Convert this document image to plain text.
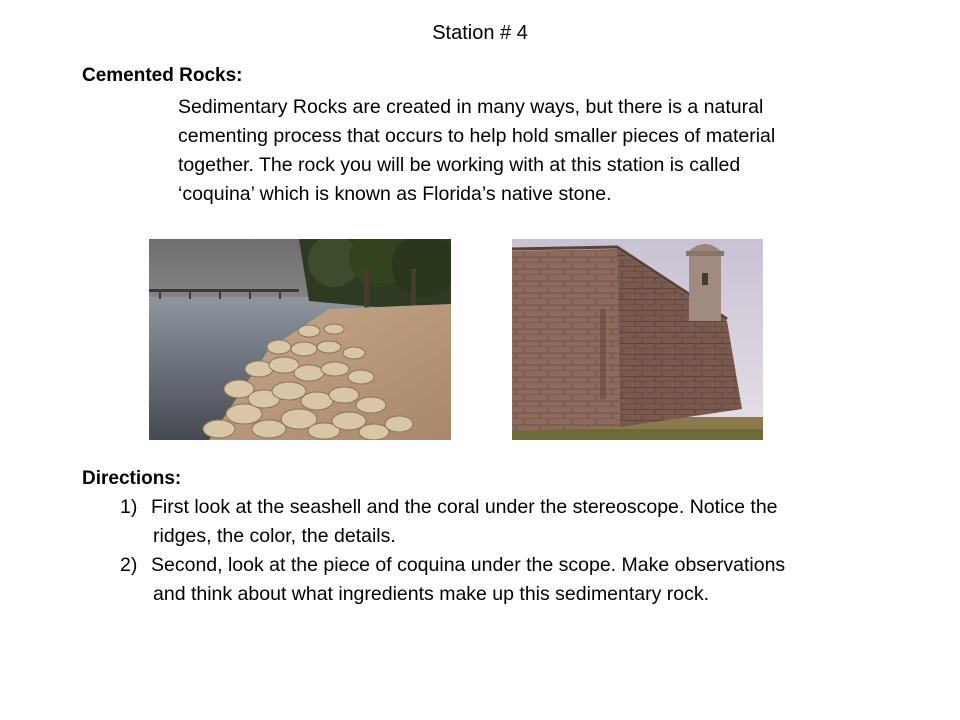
Station # 4
Cemented Rocks:
Sedimentary Rocks are created in many ways, but there is a natural
cementing process that occurs to help hold smaller pieces of material
together. The rock you will be working with at this station is called
‘coquina’ which is known as Florida’s native stone.
Directions:
1) First look at the seashell and the coral under the stereoscope. Notice the
ridges, the color, the details.
2) Second, look at the piece of coquina under the scope. Make observations
and think about what ingredients make up this sedimentary rock.
